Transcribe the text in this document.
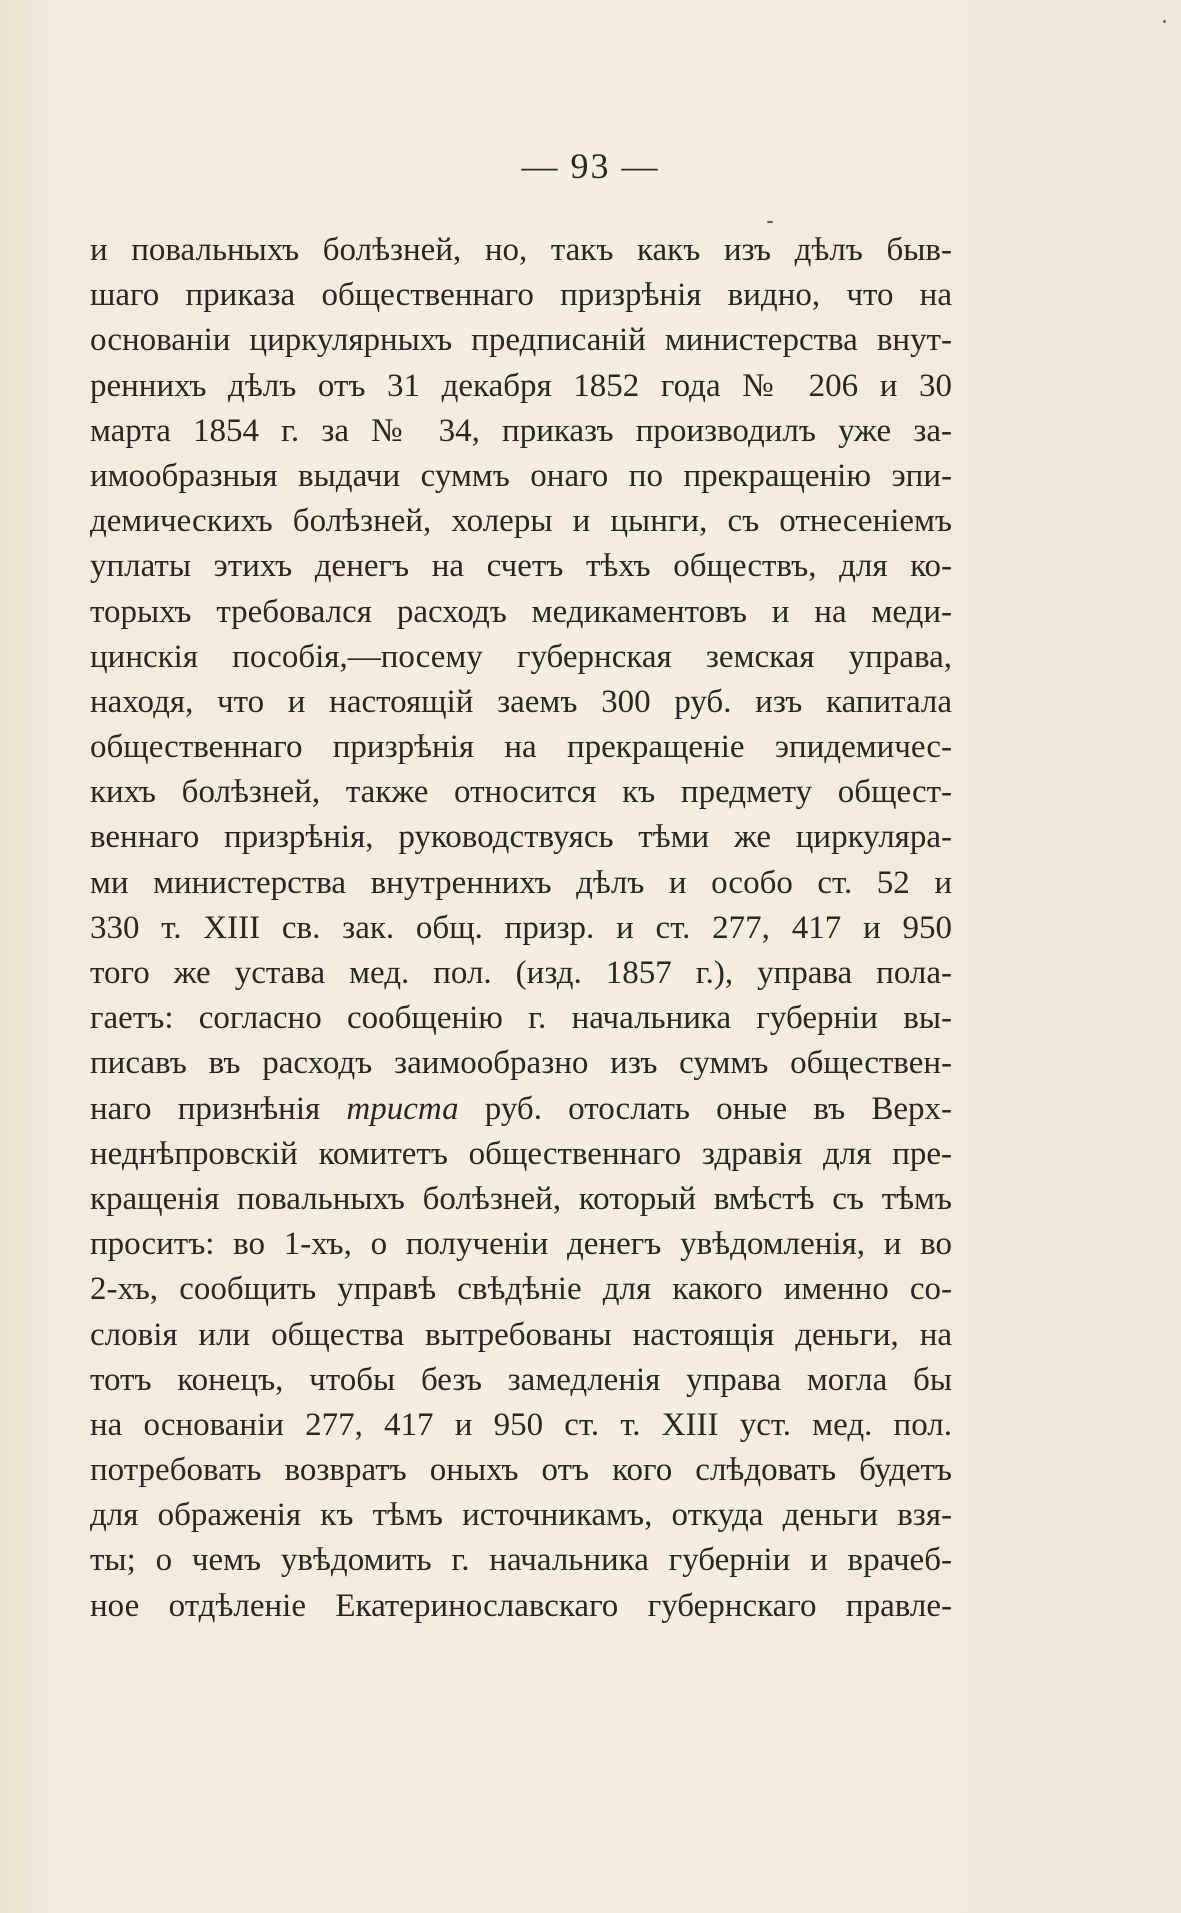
— 93 —
и повальныхъ болѣзней, но, такъ какъ изъ дѣлъ быв-
шаго приказа общественнаго призрѣнія видно, что на
основаніи циркулярныхъ предписаній министерства внут-
реннихъ дѣлъ отъ 31 декабря 1852 года № 206 и 30
марта 1854 г. за № 34, приказъ производилъ уже за-
имообразныя выдачи суммъ онаго по прекращенію эпи-
демическихъ болѣзней, холеры и цынги, съ отнесеніемъ
уплаты этихъ денегъ на счетъ тѣхъ обществъ, для ко-
торыхъ требовался расходъ медикаментовъ и на меди-
цинскія пособія,—посему губернская земская управа,
находя, что и настоящій заемъ 300 руб. изъ капитала
общественнаго призрѣнія на прекращеніе эпидемичес-
кихъ болѣзней, также относится къ предмету общест-
веннаго призрѣнія, руководствуясь тѣми же циркуляра-
ми министерства внутреннихъ дѣлъ и особо ст. 52 и
330 т. XIII св. зак. общ. призр. и ст. 277, 417 и 950
того же устава мед. пол. (изд. 1857 г.), управа пола-
гаетъ: согласно сообщенію г. начальника губерніи вы-
писавъ въ расходъ заимообразно изъ суммъ обществен-
наго признѣнія триста руб. отослать оные въ Верх-
неднѣпровскій комитетъ общественнаго здравія для пре-
кращенія повальныхъ болѣзней, который вмѣстѣ съ тѣмъ
проситъ: во 1-хъ, о полученіи денегъ увѣдомленія, и во
2-хъ, сообщить управѣ свѣдѣніе для какого именно со-
словія или общества вытребованы настоящія деньги, на
тотъ конецъ, чтобы безъ замедленія управа могла бы
на основаніи 277, 417 и 950 ст. т. XIII уст. мед. пол.
потребовать возвратъ оныхъ отъ кого слѣдовать будетъ
для ображенія къ тѣмъ источникамъ, откуда деньги взя-
ты; о чемъ увѣдомить г. начальника губерніи и врачеб-
ное отдѣленіе Екатеринославскаго губернскаго правле-
